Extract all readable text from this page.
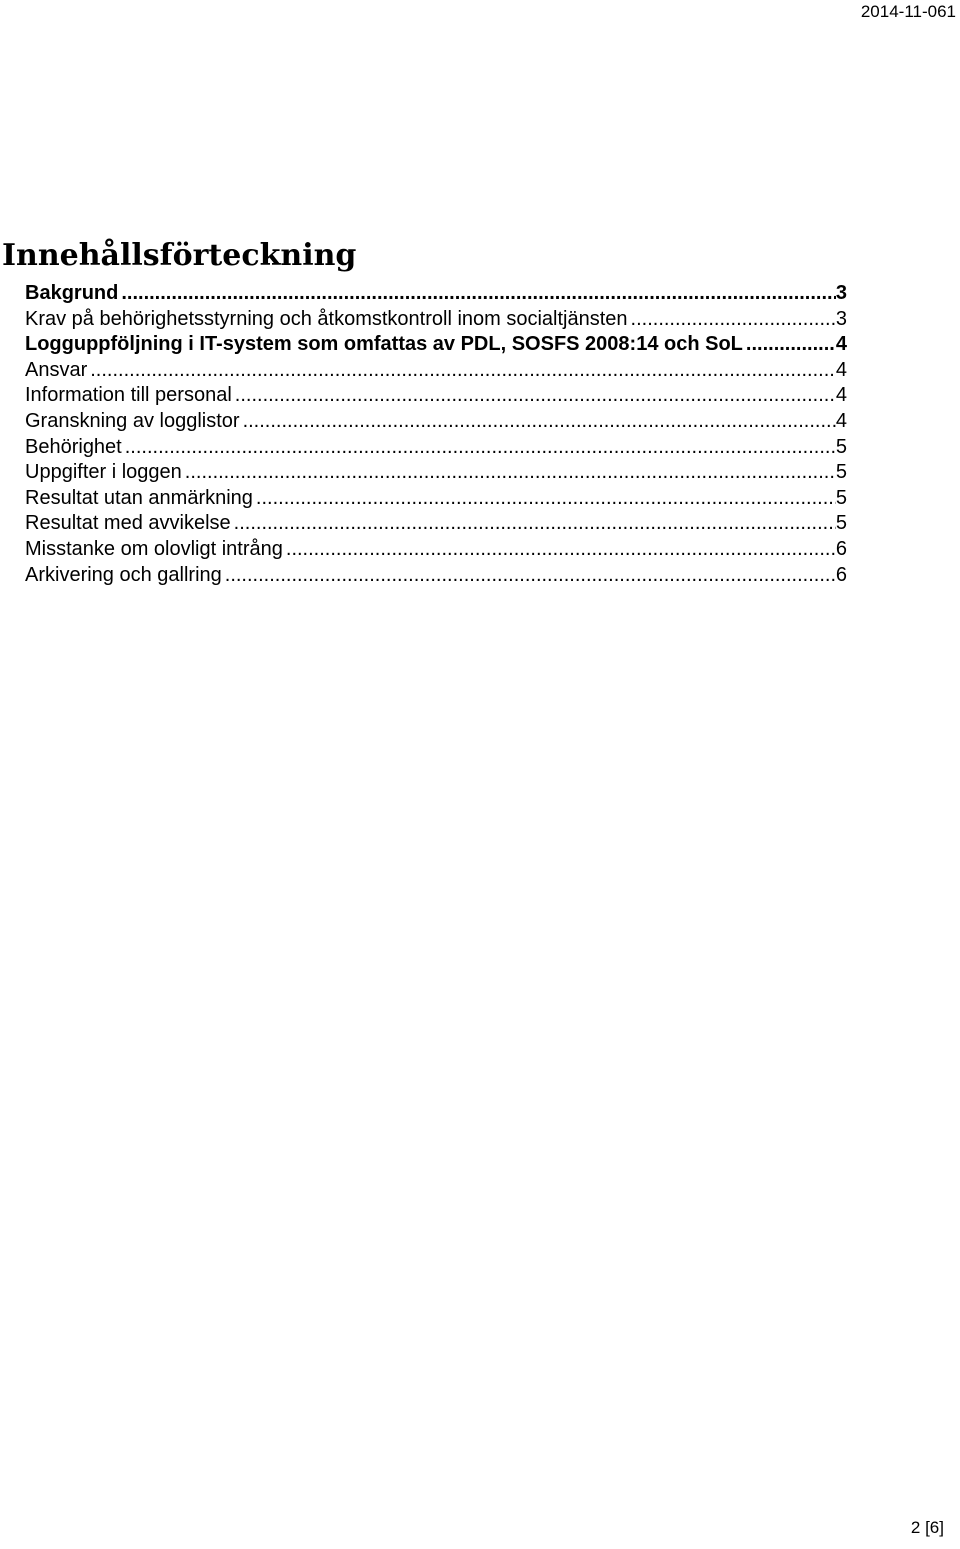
2014-11-061
Innehållsförteckning
Bakgrund .....	3
Krav på behörighetsstyrning och åtkomstkontroll inom socialtjänsten .....	3
Logguppföljning i IT-system som omfattas av PDL, SOSFS 2008:14 och SoL .....	4
Ansvar .....	4
Information till personal .....	4
Granskning av logglistor .....	4
Behörighet .....	5
Uppgifter i loggen .....	5
Resultat utan anmärkning .....	5
Resultat med avvikelse .....	5
Misstanke om olovligt intrång .....	6
Arkivering och gallring .....	6
2 [6]
